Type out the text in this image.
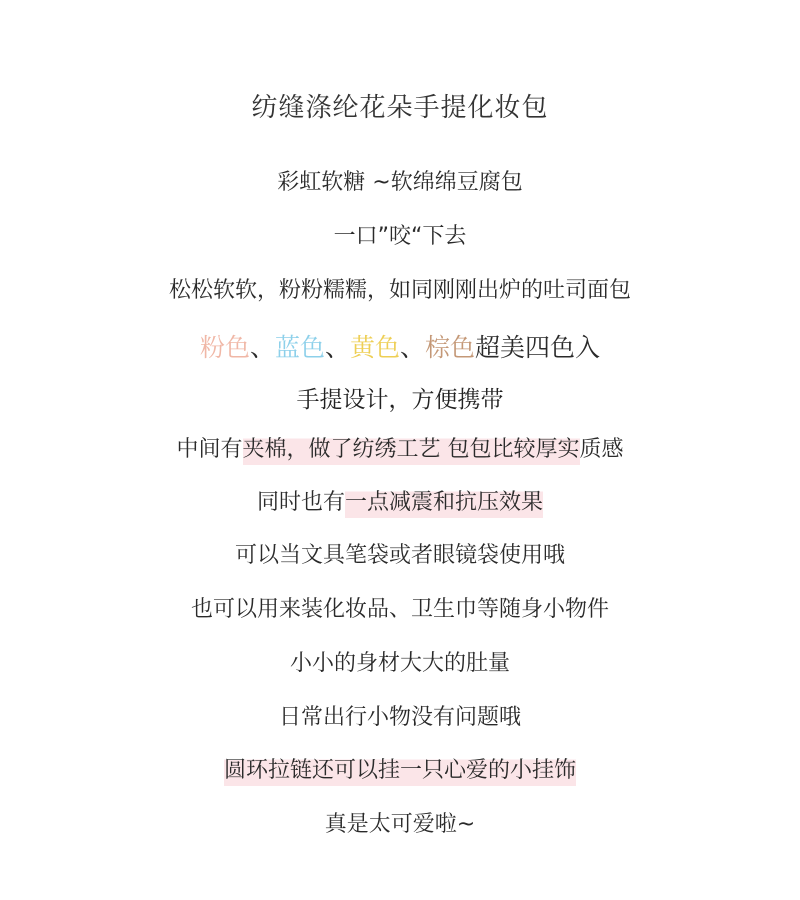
纺缝涤纶花朵手提化妆包
彩虹软糖 ~软绵绵豆腐包
一口”咬“下去
松松软软，粉粉糯糯，如同刚刚出炉的吐司面包
粉色、蓝色、黄色、棕色超美四色入
手提设计，方便携带
中间有夹棉，做了纺绣工艺 包包比较厚实质感
同时也有一点减震和抗压效果
可以当文具笔袋或者眼镜袋使用哦
也可以用来装化妆品、卫生巾等随身小物件
小小的身材大大的肚量
日常出行小物没有问题哦
圆环拉链还可以挂一只心爱的小挂饰
真是太可爱啦~
